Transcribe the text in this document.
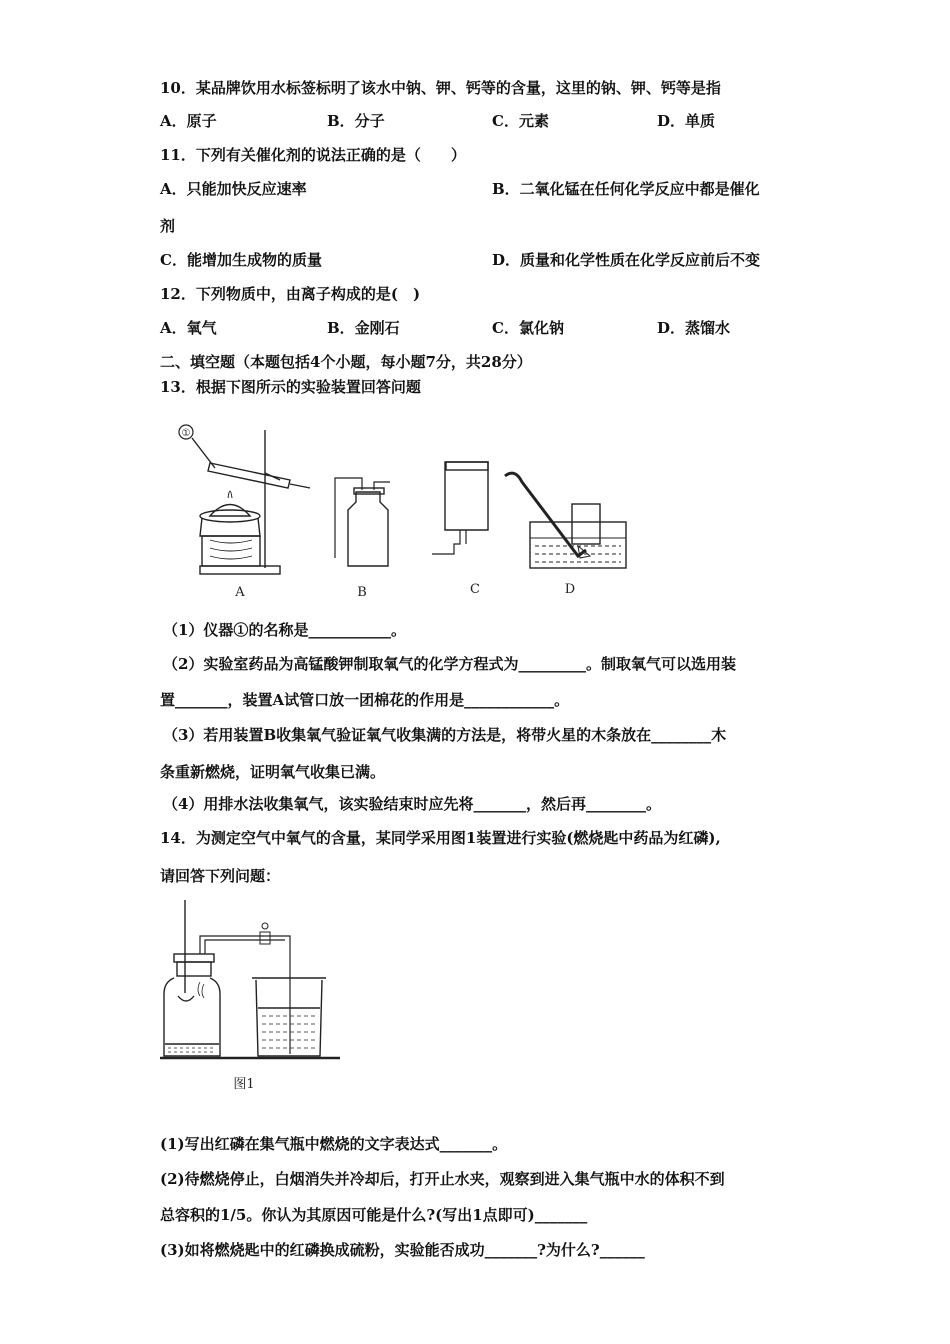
10．某品牌饮用水标签标明了该水中钠、钾、钙等的含量，这里的钠、钾、钙等是指
A．原子	B．分子	C．元素	D．单质
11．下列有关催化剂的说法正确的是（　　）
A．只能加快反应速率	B．二氧化锰在任何化学反应中都是催化
剂
C．能增加生成物的质量	D．质量和化学性质在化学反应前后不变
12．下列物质中，由离子构成的是(　)
A．氧气	B．金刚石	C．氯化钠	D．蒸馏水
二、填空题（本题包括4个小题，每小题7分，共28分）
13．根据下图所示的实验装置回答问题
①
A	B	C	D
（1）仪器①的名称是___________。
（2）实验室药品为高锰酸钾制取氧气的化学方程式为_________。制取氧气可以选用装
置_______，装置A试管口放一团棉花的作用是____________。
（3）若用装置B收集氧气验证氧气收集满的方法是，将带火星的木条放在________木
条重新燃烧，证明氧气收集已满。
（4）用排水法收集氧气，该实验结束时应先将_______，然后再________。
14．为测定空气中氧气的含量，某同学采用图1装置进行实验(燃烧匙中药品为红磷),
请回答下列问题：
图1
(1)写出红磷在集气瓶中燃烧的文字表达式_______。
(2)待燃烧停止，白烟消失并冷却后，打开止水夹，观察到进入集气瓶中水的体积不到
总容积的1/5。你认为其原因可能是什么?(写出1点即可)_______
(3)如将燃烧匙中的红磷换成硫粉，实验能否成功_______?为什么?______
